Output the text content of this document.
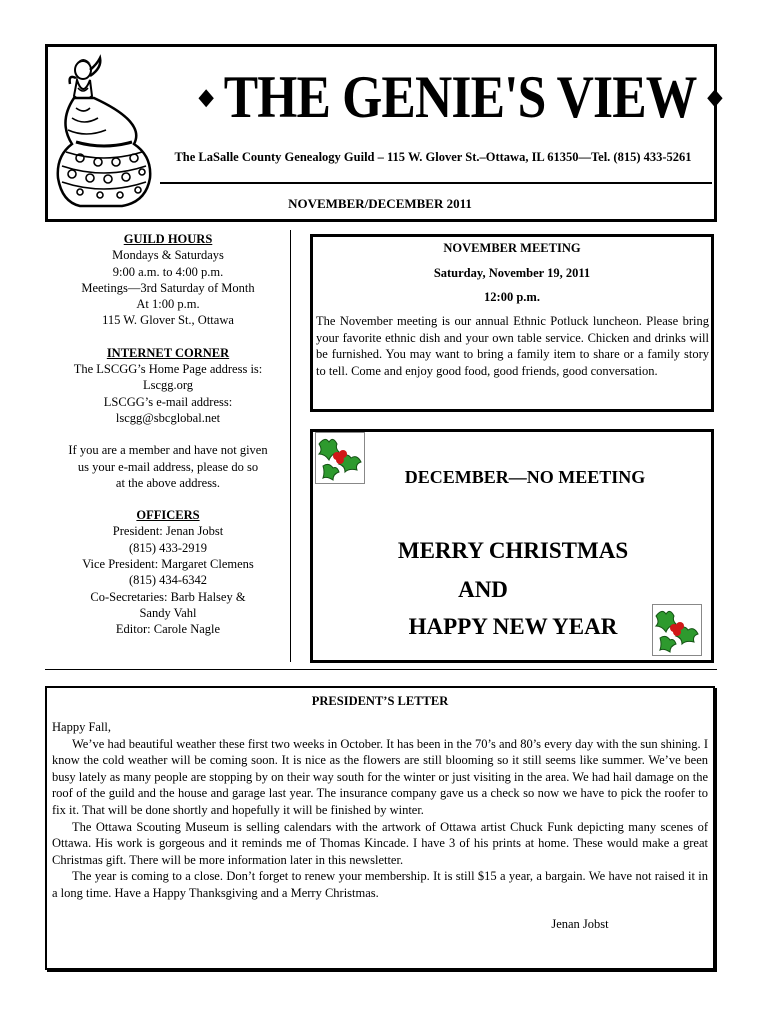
◆ THE GENIE'S VIEW ◆
The LaSalle County Genealogy Guild – 115 W. Glover St.–Ottawa, IL 61350—Tel. (815) 433-5261
NOVEMBER/DECEMBER 2011
GUILD HOURS
Mondays & Saturdays
9:00 a.m. to 4:00 p.m.
Meetings—3rd Saturday of Month
At 1:00 p.m.
115 W. Glover St., Ottawa
INTERNET CORNER
The LSCGG’s Home Page address is:
Lscgg.org
LSCGG’s e-mail address:
lscgg@sbcglobal.net
If you are a member and have not given
us your e-mail address, please do so
at the above address.
OFFICERS
President: Jenan Jobst
(815) 433-2919
Vice President: Margaret Clemens
(815) 434-6342
Co-Secretaries: Barb Halsey &
Sandy Vahl
Editor: Carole Nagle
NOVEMBER MEETING
Saturday, November 19, 2011
12:00 p.m.
The November meeting is our annual Ethnic Potluck luncheon. Please bring your favorite ethnic dish and your own table service. Chicken and drinks will be furnished. You may want to bring a family item to share or a family story to tell. Come and enjoy good food, good friends, good conversation.
DECEMBER—NO MEETING
MERRY CHRISTMAS
AND
HAPPY NEW YEAR
PRESIDENT’S LETTER

Happy Fall,

We’ve had beautiful weather these first two weeks in October. It has been in the 70’s and 80’s every day with the sun shining. I know the cold weather will be coming soon. It is nice as the flowers are still blooming so it still seems like summer. We’ve been busy lately as many people are stopping by on their way south for the winter or just visiting in the area. We had hail damage on the roof of the guild and the house and garage last year. The insurance company gave us a check so now we have to pick the roofer to fix it. That will be done shortly and hopefully it will be finished by winter.

The Ottawa Scouting Museum is selling calendars with the artwork of Ottawa artist Chuck Funk depicting many scenes of Ottawa. His work is gorgeous and it reminds me of Thomas Kincade. I have 3 of his prints at home. These would make a great Christmas gift. There will be more information later in this newsletter.

The year is coming to a close. Don’t forget to renew your membership. It is still $15 a year, a bargain. We have not raised it in a long time. Have a Happy Thanksgiving and a Merry Christmas.

Jenan Jobst
